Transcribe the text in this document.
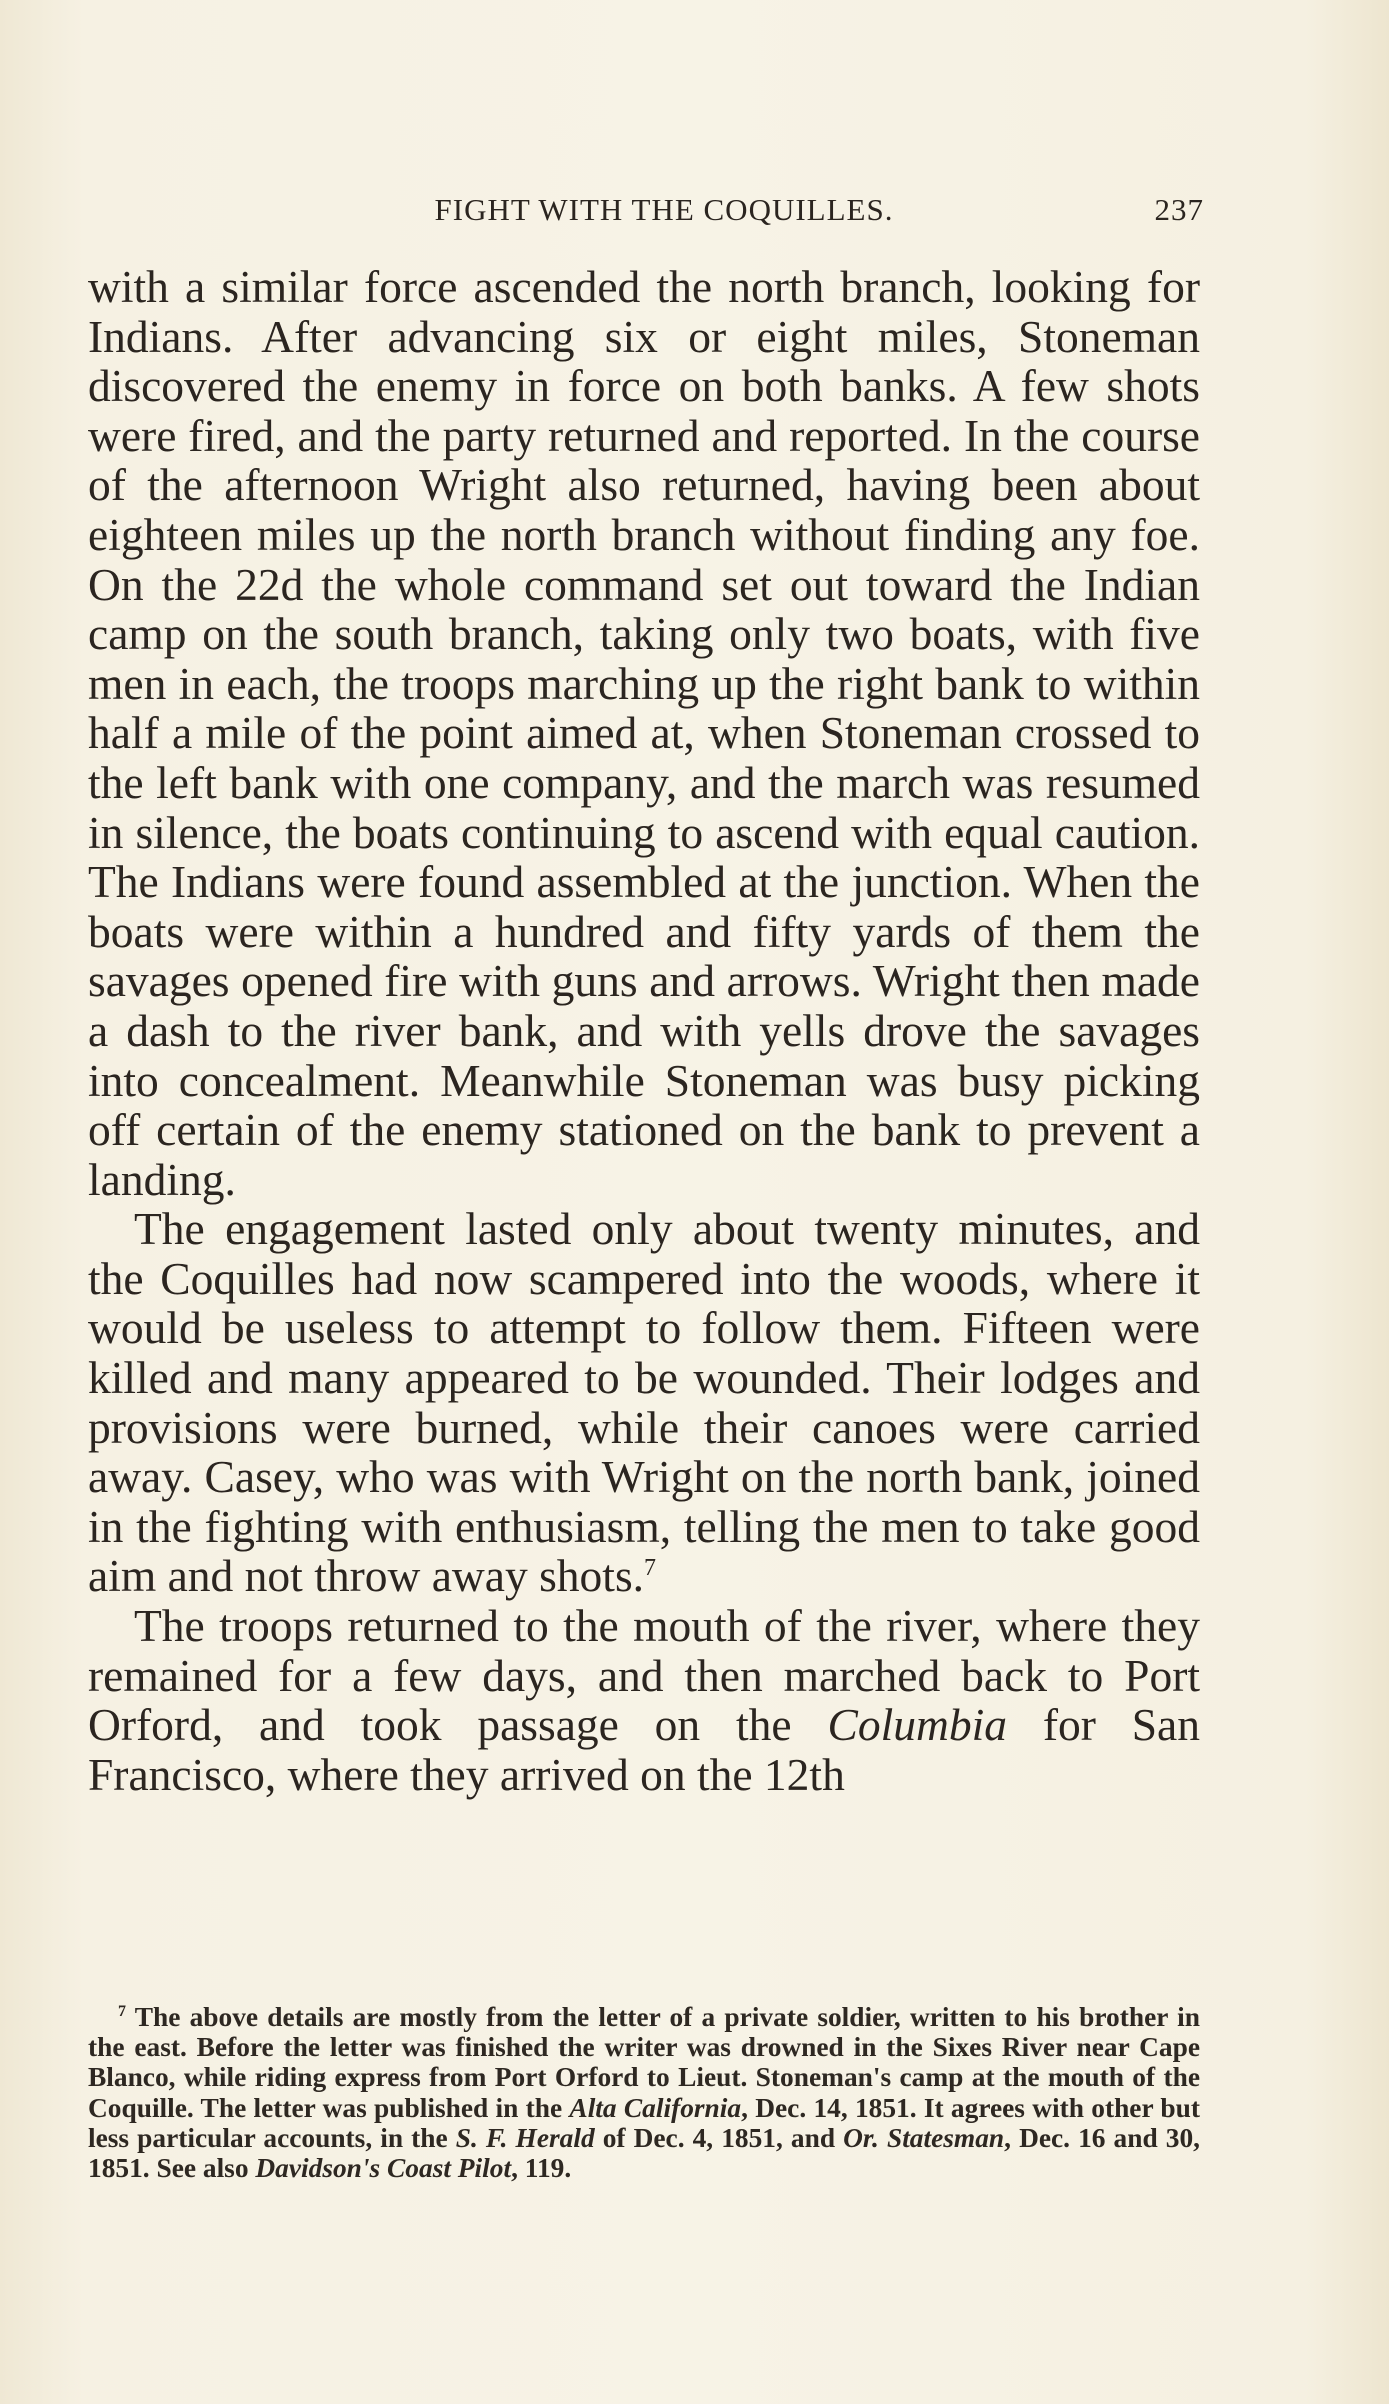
FIGHT WITH THE COQUILLES.	237

with a similar force ascended the north branch, looking for Indians. After advancing six or eight miles, Stoneman discovered the enemy in force on both banks. A few shots were fired, and the party returned and reported. In the course of the afternoon Wright also returned, having been about eighteen miles up the north branch without finding any foe. On the 22d the whole command set out toward the Indian camp on the south branch, taking only two boats, with five men in each, the troops marching up the right bank to within half a mile of the point aimed at, when Stoneman crossed to the left bank with one company, and the march was resumed in silence, the boats continuing to ascend with equal caution. The Indians were found assembled at the junction. When the boats were within a hundred and fifty yards of them the savages opened fire with guns and arrows. Wright then made a dash to the river bank, and with yells drove the savages into concealment. Meanwhile Stoneman was busy picking off certain of the enemy stationed on the bank to prevent a landing.

The engagement lasted only about twenty minutes, and the Coquilles had now scampered into the woods, where it would be useless to attempt to follow them. Fifteen were killed and many appeared to be wounded. Their lodges and provisions were burned, while their canoes were carried away. Casey, who was with Wright on the north bank, joined in the fighting with enthusiasm, telling the men to take good aim and not throw away shots.$^7$

The troops returned to the mouth of the river, where they remained for a few days, and then marched back to Port Orford, and took passage on the Columbia for San Francisco, where they arrived on the 12th

$^7$ The above details are mostly from the letter of a private soldier, written to his brother in the east. Before the letter was finished the writer was drowned in the Sixes River near Cape Blanco, while riding express from Port Orford to Lieut. Stoneman's camp at the mouth of the Coquille. The letter was published in the Alta California, Dec. 14, 1851. It agrees with other but less particular accounts, in the S. F. Herald of Dec. 4, 1851, and Or. Statesman, Dec. 16 and 30, 1851. See also Davidson's Coast Pilot, 119.
